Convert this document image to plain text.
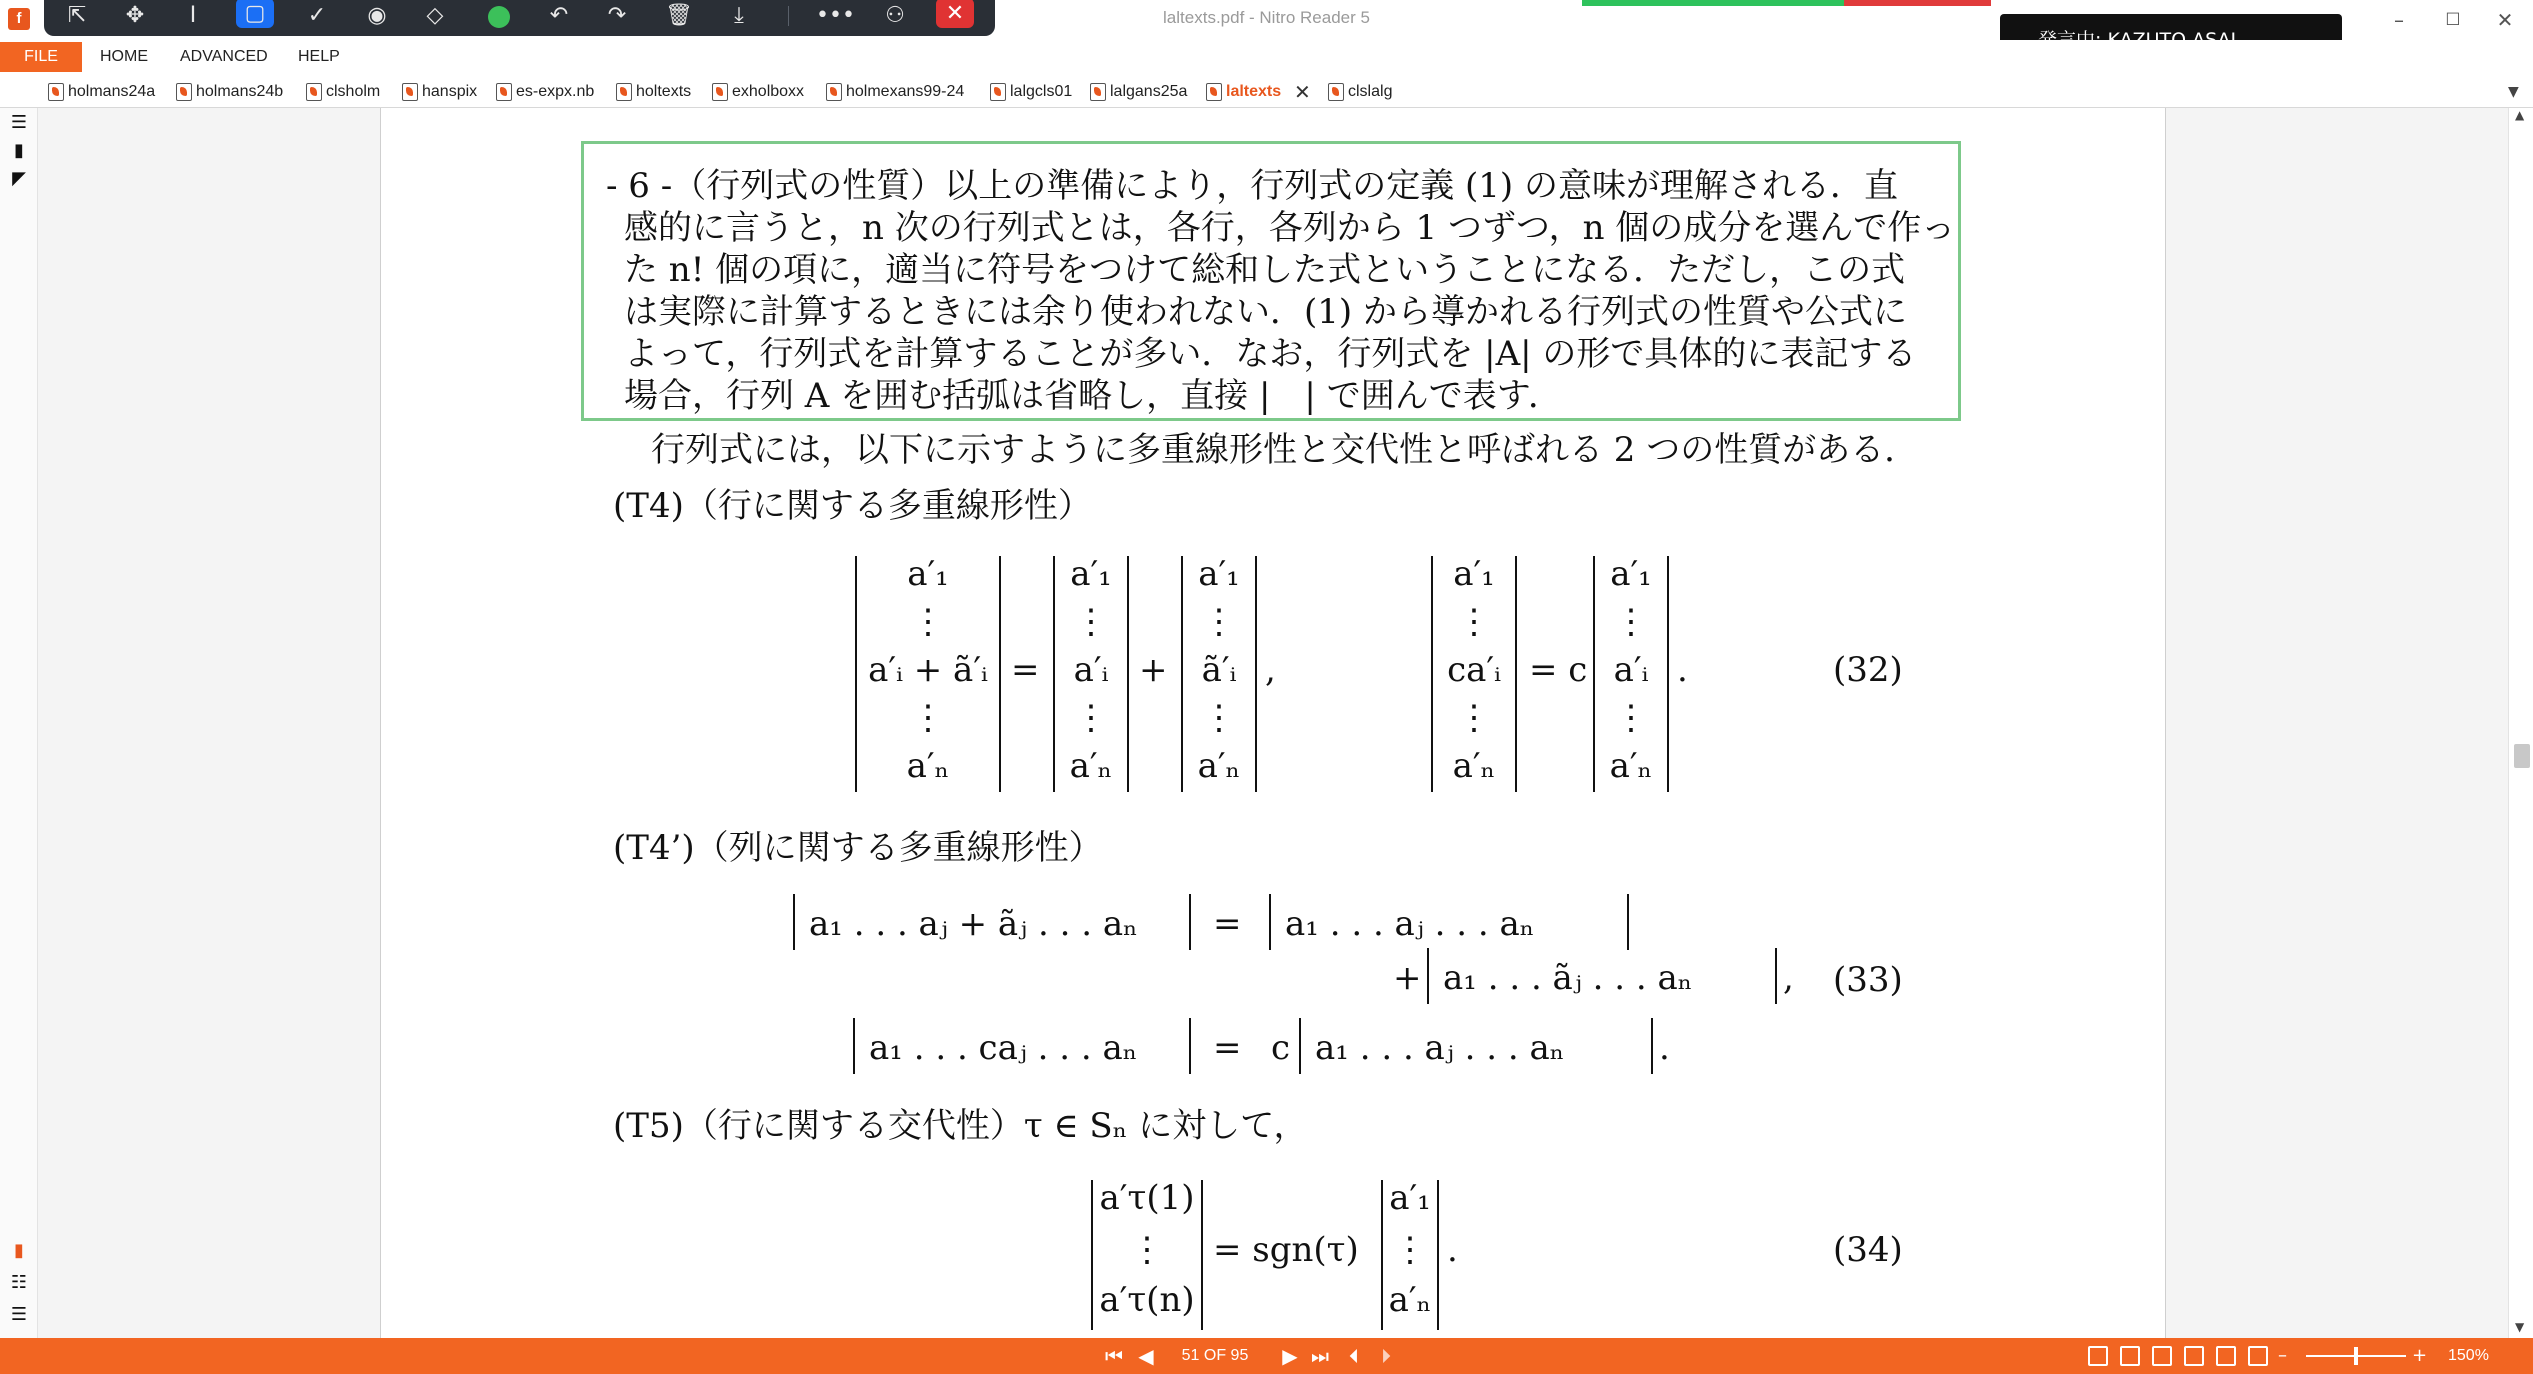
f	laltexts.pdf - Nitro Reader 5	–	☐	✕
⇱	✥	I	▢	✓	◉	◇	↶	↷	🗑	⤓	•••	⚇	✕
FILE	HOME ADVANCED HELP
holmans24a	holmans24b	clsholm	hanspix	es-expx.nb	holtexts	exholboxx	holmexans99-24	lalgcls01	lalgans25a	laltexts ✕	clslalg	▼
☰
▮
◤
▮
☷
☰
- 6 -（行列式の性質）以上の準備により，行列式の定義 (1) の意味が理解される．直
感的に言うと，n 次の行列式とは，各行，各列から 1 つずつ，n 個の成分を選んで作っ
た n! 個の項に，適当に符号をつけて総和した式ということになる．ただし，この式
は実際に計算するときには余り使われない．(1) から導かれる行列式の性質や公式に
よって，行列式を計算することが多い．なお，行列式を |A| の形で具体的に表記する
場合，行列 A を囲む括弧は省略し，直接 |　| で囲んで表す．
行列式には，以下に示すように多重線形性と交代性と呼ばれる 2 つの性質がある．
(T4)（行に関する多重線形性）
a′₁
⋮
a′ᵢ + ã′ᵢ
⋮
a′ₙ
=
a′₁
⋮
a′ᵢ
⋮
a′ₙ
+
a′₁
⋮
ã′ᵢ
⋮
a′ₙ
,
a′₁
⋮
ca′ᵢ
⋮
a′ₙ
= c
a′₁
⋮
a′ᵢ
⋮
a′ₙ
.	(32)
(T4’)（列に関する多重線形性）
a₁ . . . aⱼ + ãⱼ . . . aₙ = a₁ . . . aⱼ . . . aₙ
+ a₁ . . . ãⱼ . . . aₙ	, (33)
a₁ . . . caⱼ . . . aₙ = c a₁ . . . aⱼ . . . aₙ	.
(T5)（行に関する交代性）τ ∈ Sₙ に対して，
a′τ(1)
⋮
a′τ(n)
= sgn(τ)
a′₁
⋮
a′ₙ
.	(34)
▲
▼
⏮ ◀	51 OF 95	▶ ⏭	⏴	⏵	–	+ 150%
